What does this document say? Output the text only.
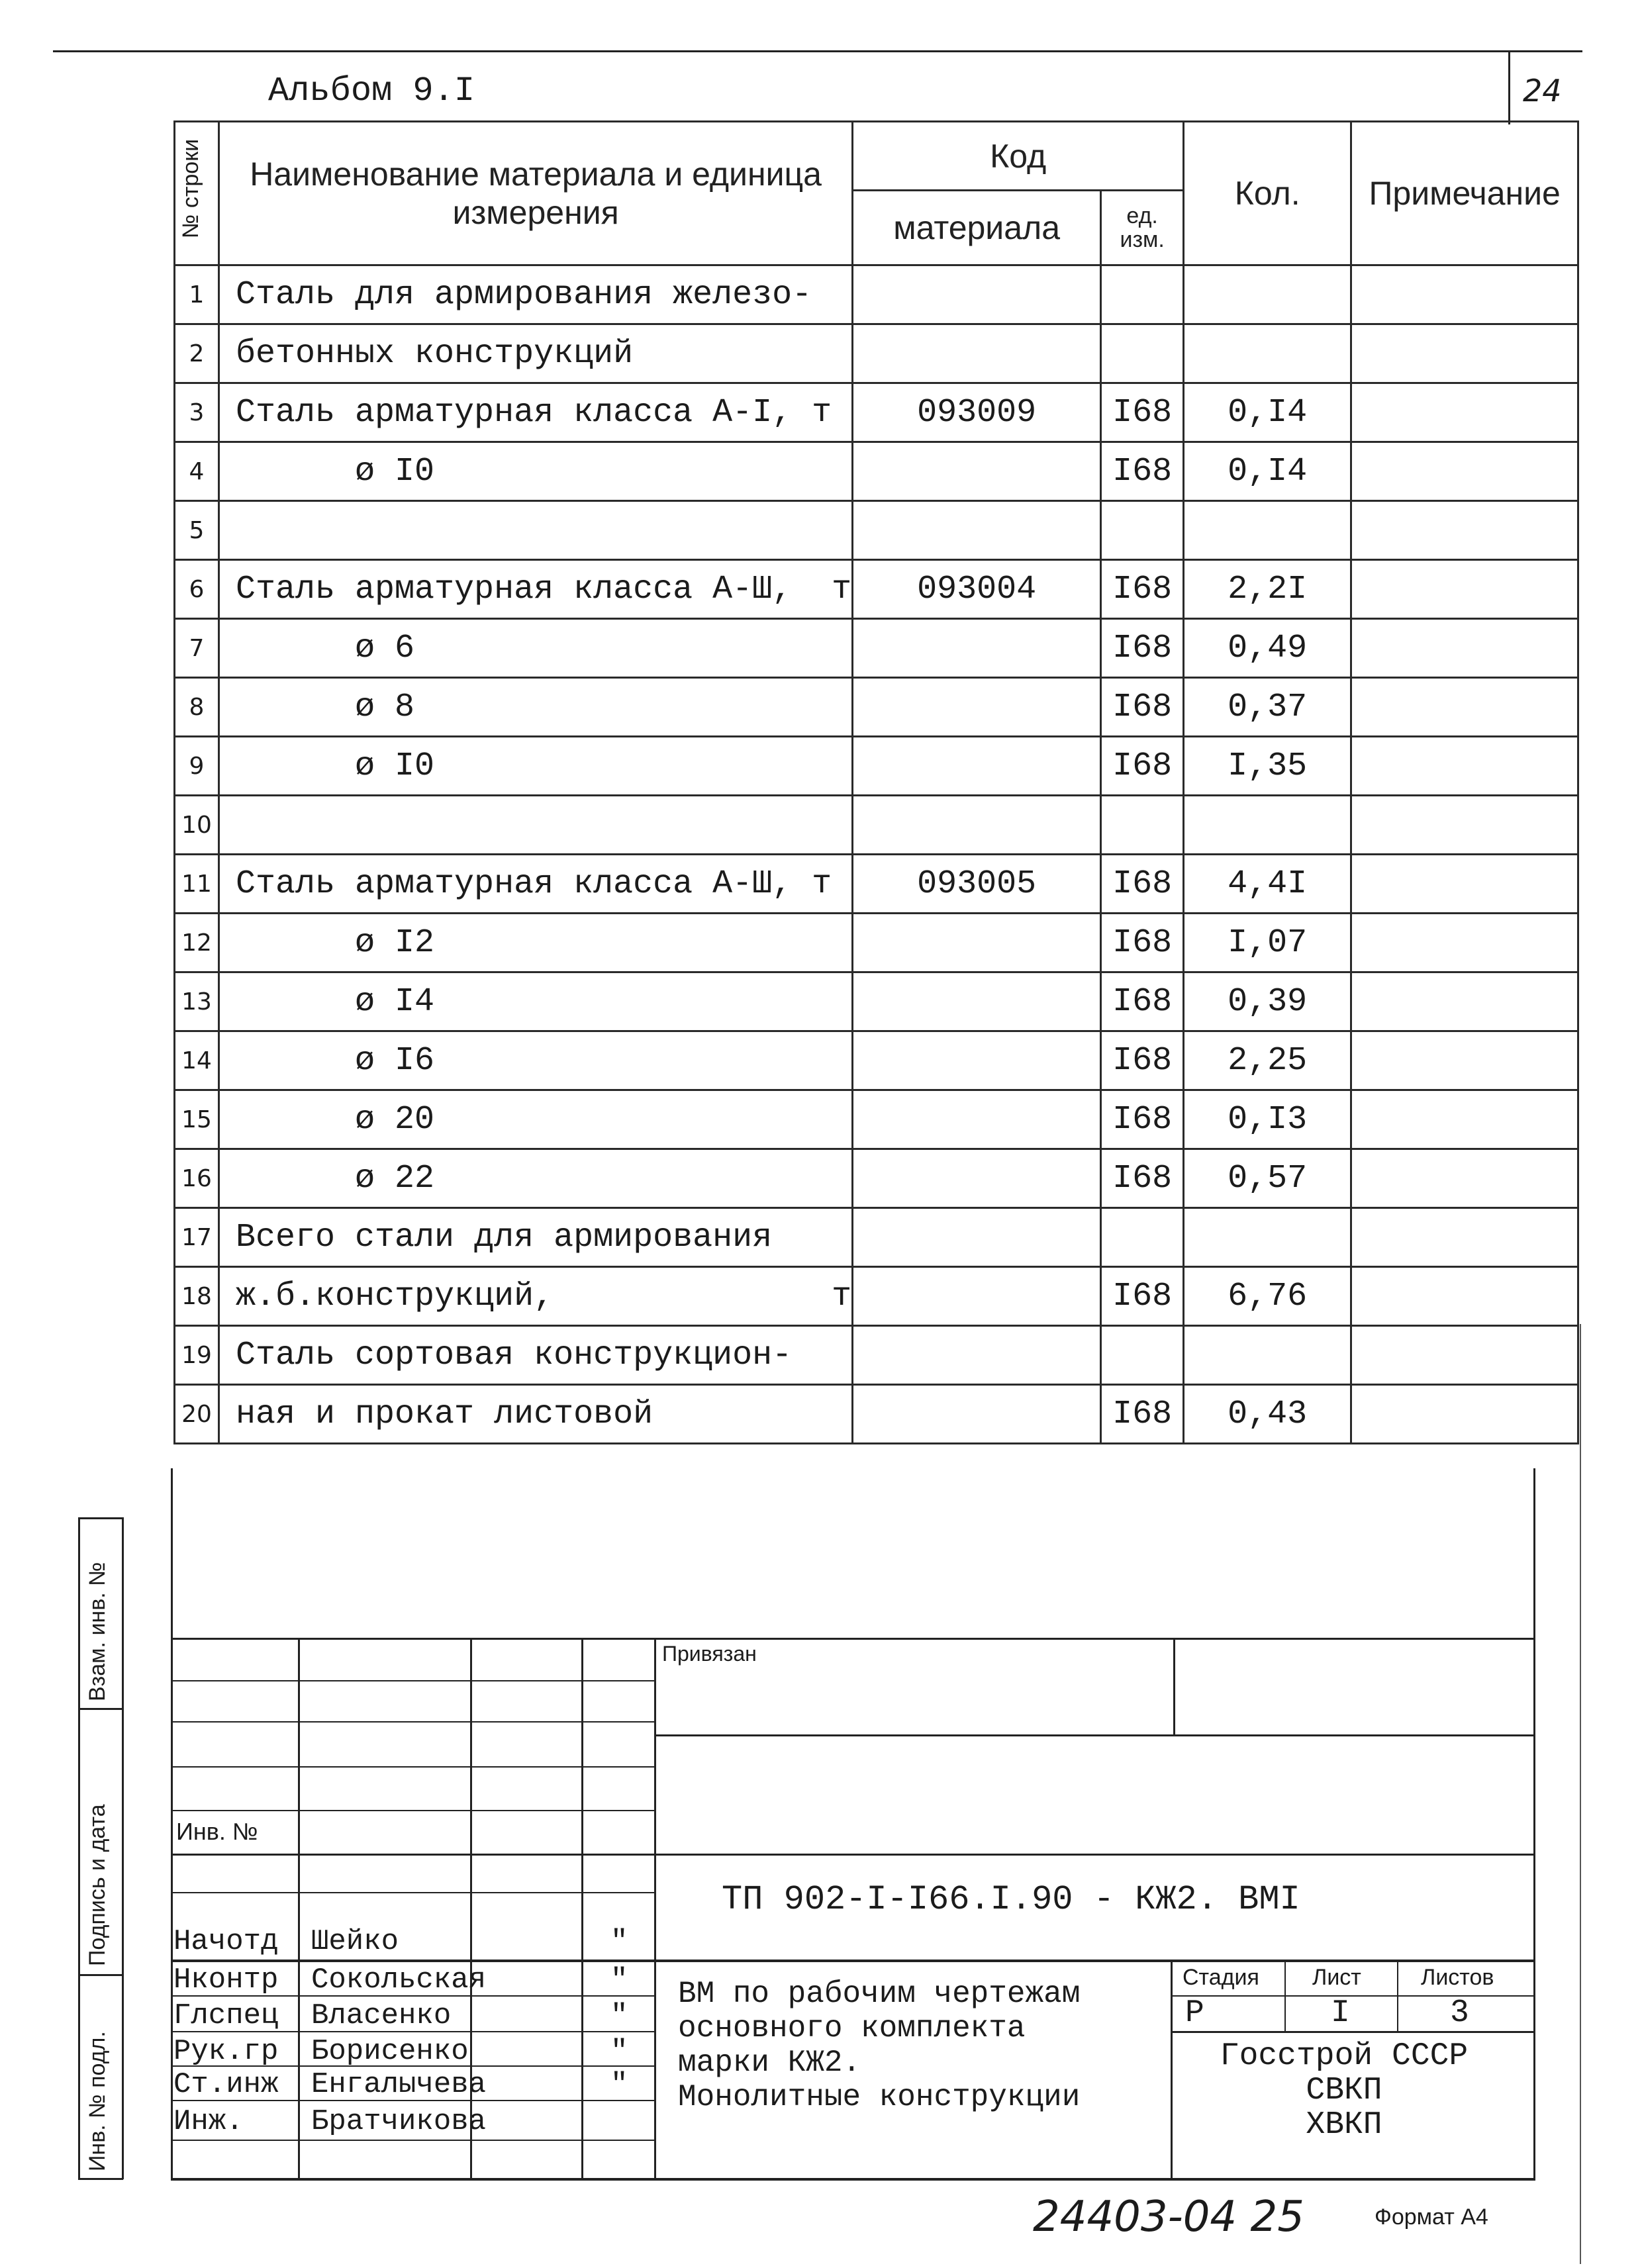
Альбом 9.I	24
№ строки	Наименование материала и единица измерения	Код		Кол.	Примечание
		материала	ед. изм.		
1	Сталь для армирования железо-				
2	бетонных конструкций				
3	Сталь арматурная класса А-I, т	093009	I68	0,I4	
4	ø I0		I68	0,I4	
5					
6	Сталь арматурная класса А-Ш,  т	093004	I68	2,2I	
7	ø 6		I68	0,49	
8	ø 8		I68	0,37	
9	ø I0		I68	I,35	
10					
11	Сталь арматурная класса А-Ш, т	093005	I68	4,4I	
12	ø I2		I68	I,07	
13	ø I4		I68	0,39	
14	ø I6		I68	2,25	
15	ø 20		I68	0,I3	
16	ø 22		I68	0,57	
17	Всего стали для армирования				
18	ж.б.конструкций,              т		I68	6,76	
19	Сталь сортовая конструкцион-				
20	ная и прокат листовой		I68	0,43	
Взам. инв. №
Подпись и дата
Инв. № подл.
Привязан
Инв. №
ТП 902-I-I66.I.90 - КЖ2. ВМI
ВМ по рабочим чертежам
основного комплекта
марки КЖ2.
Монолитные конструкции
Стадия Лист	Листов
Р	I	3
Госстрой СССР
СВКП
ХВКП
Начотд Шейко	"
Нконтр Сокольская	"
Глспец Власенко	"
Рук.гр Борисенко	"
Ст.инж Енгалычева	"
Инж. Братчикова
24403-04 25	Формат А4
